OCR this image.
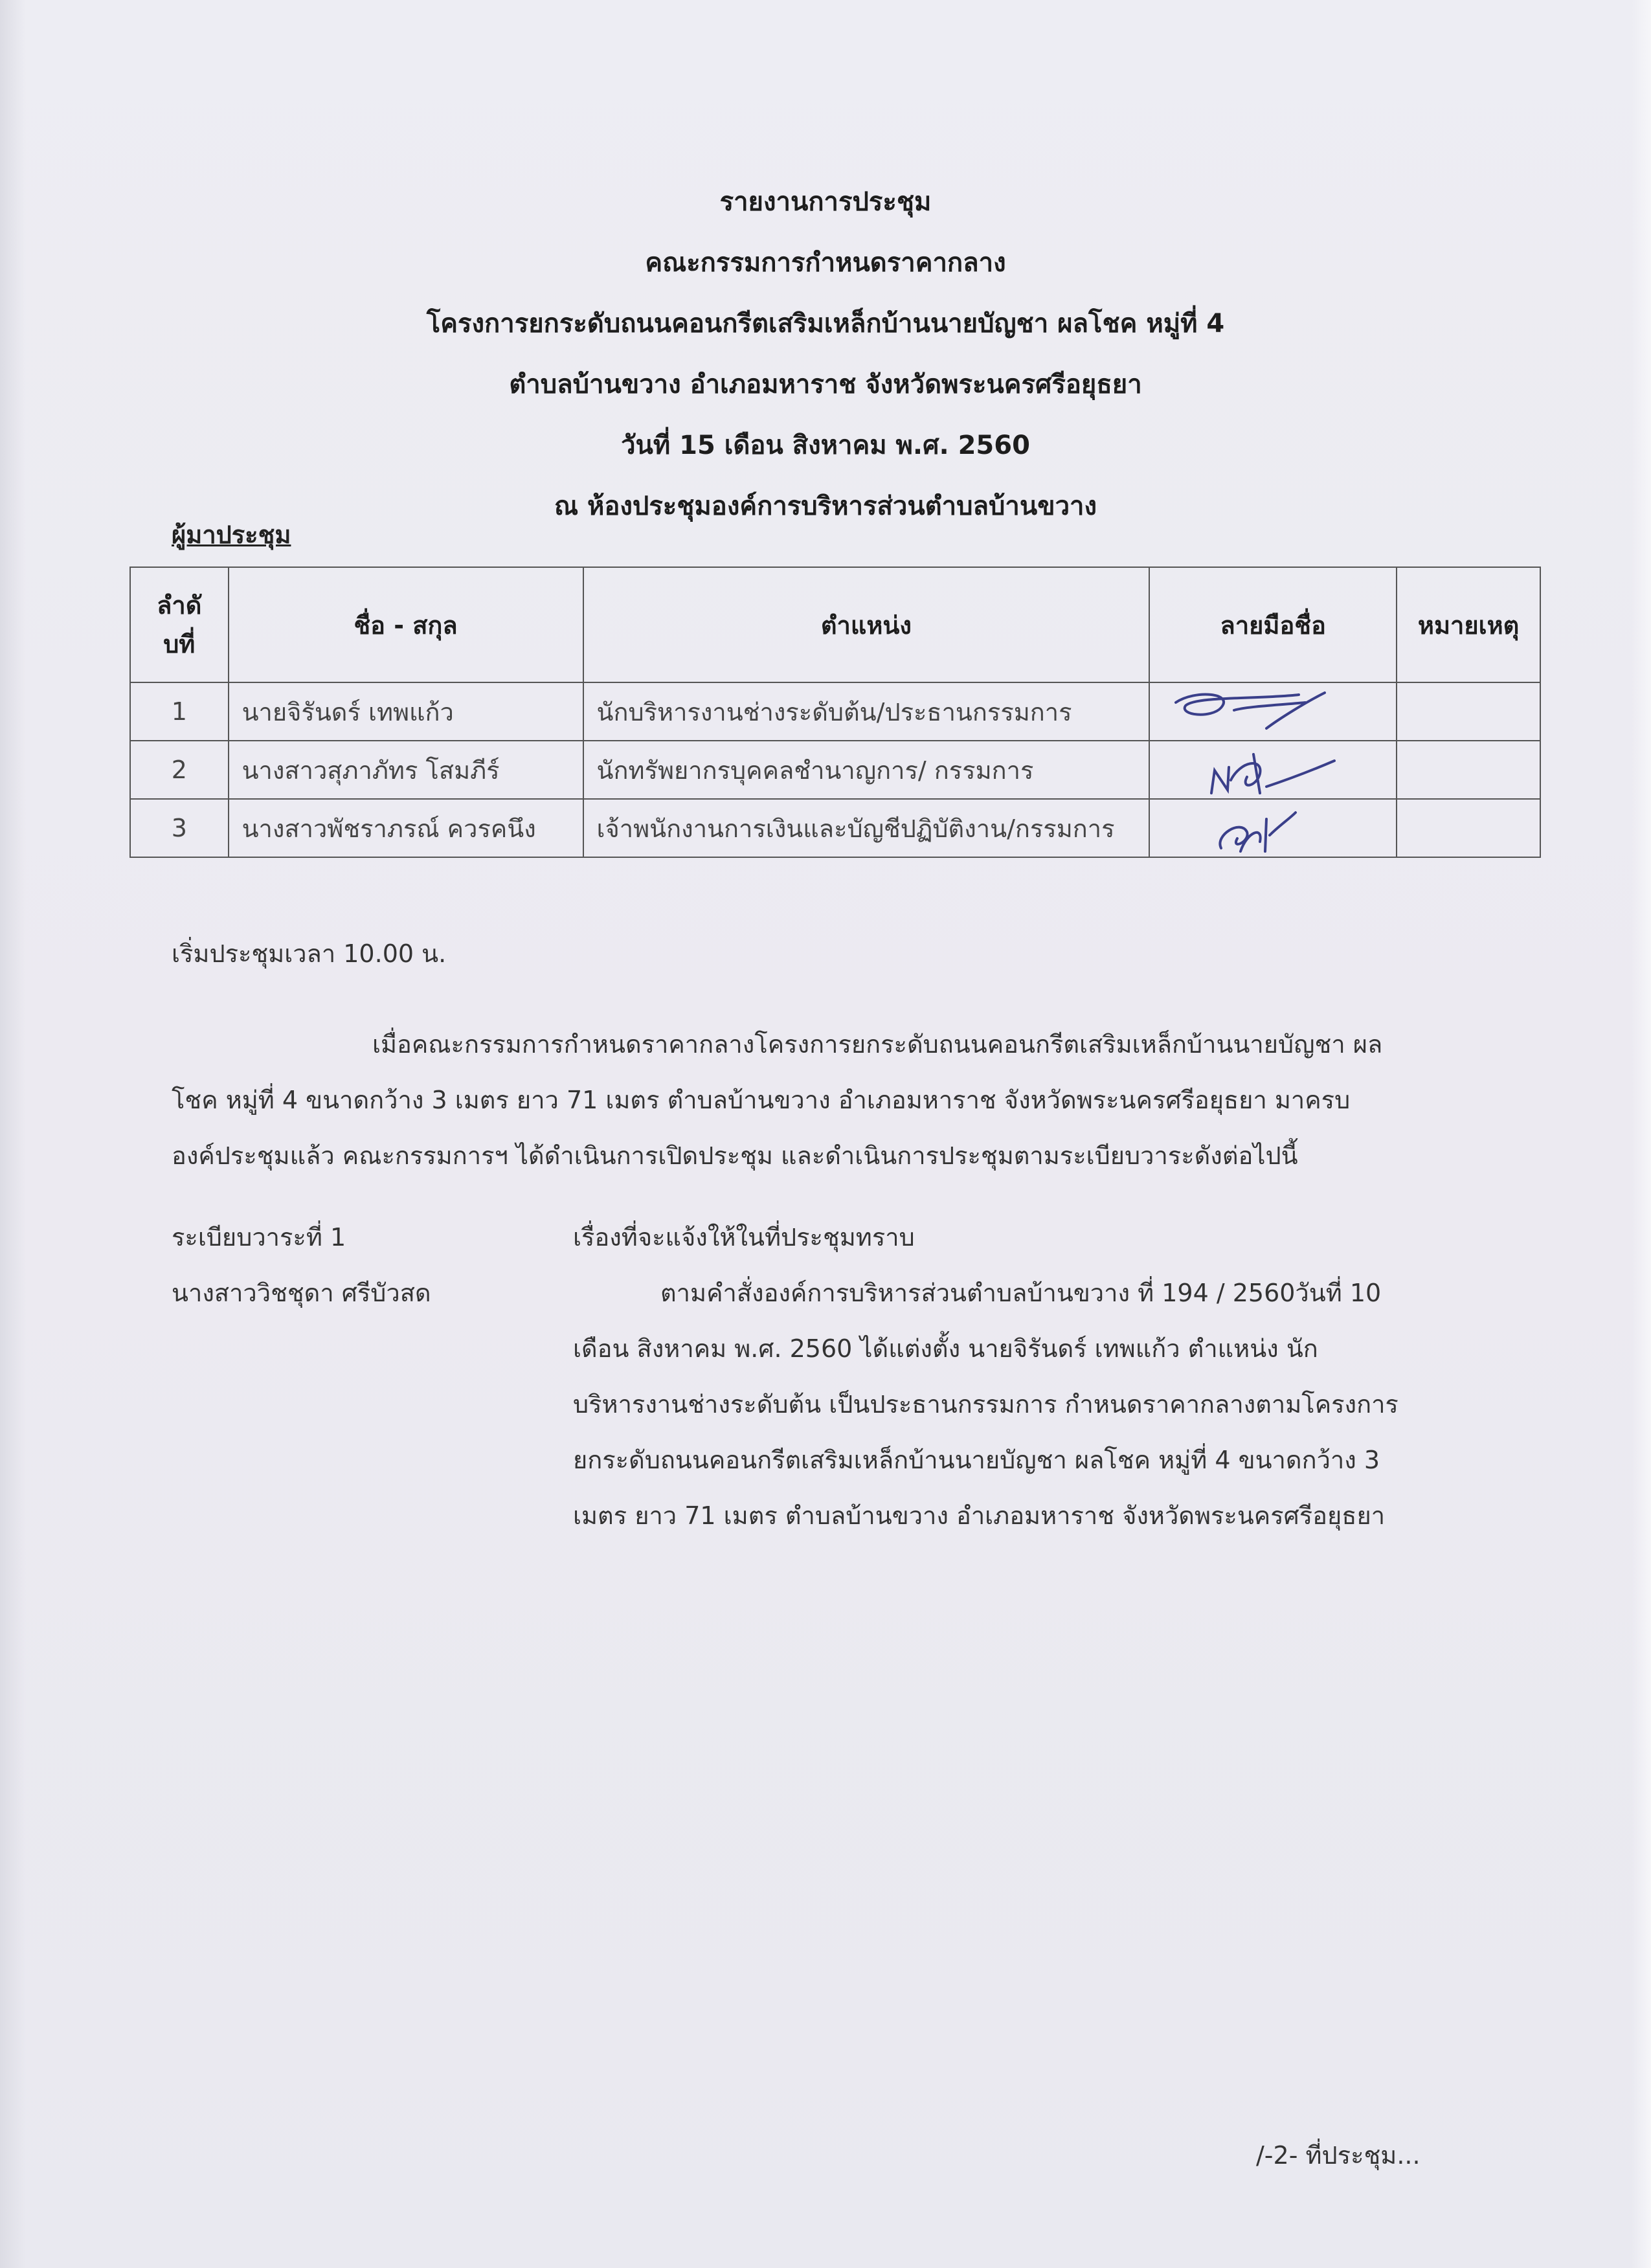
รายงานการประชุม
คณะกรรมการกำหนดราคากลาง
โครงการยกระดับถนนคอนกรีตเสริมเหล็กบ้านนายบัญชา ผลโชค หมู่ที่ 4
ตำบลบ้านขวาง อำเภอมหาราช จังหวัดพระนครศรีอยุธยา
วันที่ 15 เดือน สิงหาคม พ.ศ. 2560
ณ ห้องประชุมองค์การบริหารส่วนตำบลบ้านขวาง
ผู้มาประชุม
ลำดั
บที่	ชื่อ - สกุล	ตำแหน่ง	ลายมือชื่อ	หมายเหตุ
1	นายจิรันดร์ เทพแก้ว	นักบริหารงานช่างระดับต้น/ประธานกรรมการ	

2	นางสาวสุภาภัทร โสมภีร์	นักทรัพยากรบุคคลชำนาญการ/ กรรมการ	

3	นางสาวพัชราภรณ์ ควรคนึง	เจ้าพนักงานการเงินและบัญชีปฏิบัติงาน/กรรมการ	

เริ่มประชุมเวลา 10.00 น.
เมื่อคณะกรรมการกำหนดราคากลางโครงการยกระดับถนนคอนกรีตเสริมเหล็กบ้านนายบัญชา ผล
โชค หมู่ที่ 4 ขนาดกว้าง 3 เมตร ยาว 71 เมตร ตำบลบ้านขวาง อำเภอมหาราช จังหวัดพระนครศรีอยุธยา มาครบ
องค์ประชุมแล้ว คณะกรรมการฯ ได้ดำเนินการเปิดประชุม และดำเนินการประชุมตามระเบียบวาระดังต่อไปนี้
ระเบียบวาระที่ 1
นางสาววิชชุดา ศรีบัวสด
เรื่องที่จะแจ้งให้ในที่ประชุมทราบ
ตามคำสั่งองค์การบริหารส่วนตำบลบ้านขวาง ที่ 194 / 2560วันที่ 10
เดือน สิงหาคม พ.ศ. 2560 ได้แต่งตั้ง นายจิรันดร์ เทพแก้ว ตำแหน่ง นัก
บริหารงานช่างระดับต้น เป็นประธานกรรมการ กำหนดราคากลางตามโครงการ
ยกระดับถนนคอนกรีตเสริมเหล็กบ้านนายบัญชา ผลโชค หมู่ที่ 4 ขนาดกว้าง 3
เมตร ยาว 71 เมตร ตำบลบ้านขวาง อำเภอมหาราช จังหวัดพระนครศรีอยุธยา
/-2- ที่ประชุม...
